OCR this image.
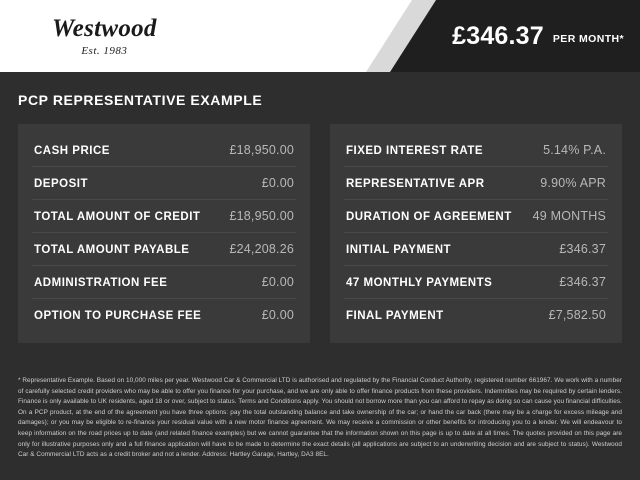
Westwood
Est. 1983
£346.37 PER MONTH*
PCP REPRESENTATIVE EXAMPLE
CASH PRICE	£18,950.00
DEPOSIT	£0.00
TOTAL AMOUNT OF CREDIT £18,950.00
TOTAL AMOUNT PAYABLE	£24,208.26
ADMINISTRATION FEE	£0.00
OPTION TO PURCHASE FEE	£0.00
FIXED INTEREST RATE	5.14% P.A.
REPRESENTATIVE APR	9.90% APR
DURATION OF AGREEMENT 49 MONTHS
INITIAL PAYMENT	£346.37
47 MONTHLY PAYMENTS	£346.37
FINAL PAYMENT	£7,582.50
* Representative Example. Based on 10,000 miles per year. Westwood Car & Commercial LTD is authorised and regulated by the Financial Conduct Authority, registered number 661967. We work with a number of carefully selected credit providers who may be able to offer you finance for your purchase, and we are only able to offer finance products from these providers. Indemnities may be required by certain lenders. Finance is only available to UK residents, aged 18 or over, subject to status. Terms and Conditions apply. You should not borrow more than you can afford to repay as doing so can cause you financial difficulties. On a PCP product, at the end of the agreement you have three options: pay the total outstanding balance and take ownership of the car; or hand the car back (there may be a charge for excess mileage and damages); or you may be eligible to re-finance your residual value with a new motor finance agreement. We may receive a commission or other benefits for introducing you to a lender. We will endeavour to keep information on the road prices up to date (and related finance examples) but we cannot guarantee that the information shown on this page is up to date at all times. The quotes provided on this page are only for illustrative purposes only and a full finance application will have to be made to determine the exact details (all applications are subject to an underwriting decision and are subject to status). Westwood Car & Commercial LTD acts as a credit broker and not a lender. Address: Hartley Garage, Hartley, DA3 8EL.
